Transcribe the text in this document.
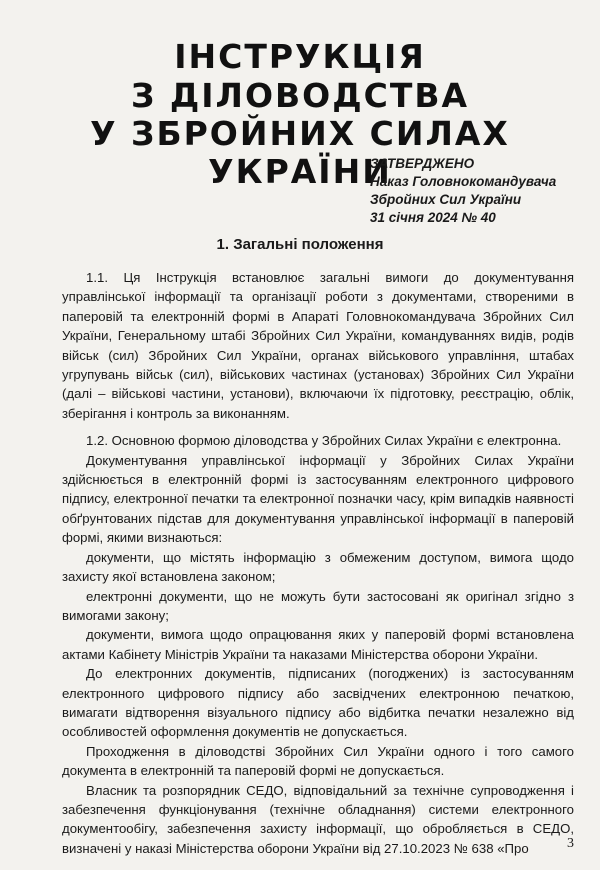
ІНСТРУКЦІЯ
З ДІЛОВОДСТВА
У ЗБРОЙНИХ СИЛАХ УКРАЇНИ
ЗАТВЕРДЖЕНО
Наказ Головнокомандувача
Збройних Сил України
31 січня 2024 № 40
1. Загальні положення

1.1. Ця Інструкція встановлює загальні вимоги до документування управлінської інформації та організації роботи з документами, створеними в паперовій та електронній формі в Апараті Головнокомандувача Збройних Сил України, Генеральному штабі Збройних Сил України, командуваннях видів, родів військ (сил) Збройних Сил України, органах військового управління, штабах угрупувань військ (сил), військових частинах (установах) Збройних Сил України (далі – військові частини, установи), включаючи їх підготовку, реєстрацію, облік, зберігання і контроль за виконанням.

1.2. Основною формою діловодства у Збройних Силах України є електронна.

Документування управлінської інформації у Збройних Силах України здійснюється в електронній формі із застосуванням електронного цифрового підпису, електронної печатки та електронної позначки часу, крім випадків наявності обґрунтованих підстав для документування управлінської інформації в паперовій формі, якими визнаються:

документи, що містять інформацію з обмеженим доступом, вимога щодо захисту якої встановлена законом;

електронні документи, що не можуть бути застосовані як оригінал згідно з вимогами закону;

документи, вимога щодо опрацювання яких у паперовій формі встановлена актами Кабінету Міністрів України та наказами Міністерства оборони України.

До електронних документів, підписаних (погоджених) із застосуванням електронного цифрового підпису або засвідчених електронною печаткою, вимагати відтворення візуального підпису або відбитка печатки незалежно від особливостей оформлення документів не допускається.

Проходження в діловодстві Збройних Сил України одного і того самого документа в електронній та паперовій формі не допускається.

Власник та розпорядник СЕДО, відповідальний за технічне супроводження і забезпечення функціонування (технічне обладнання) системи електронного документообігу, забезпечення захисту інформації, що обробляється в СЕДО, визначені у наказі Міністерства оборони України від 27.10.2023 № 638 «Про	3
